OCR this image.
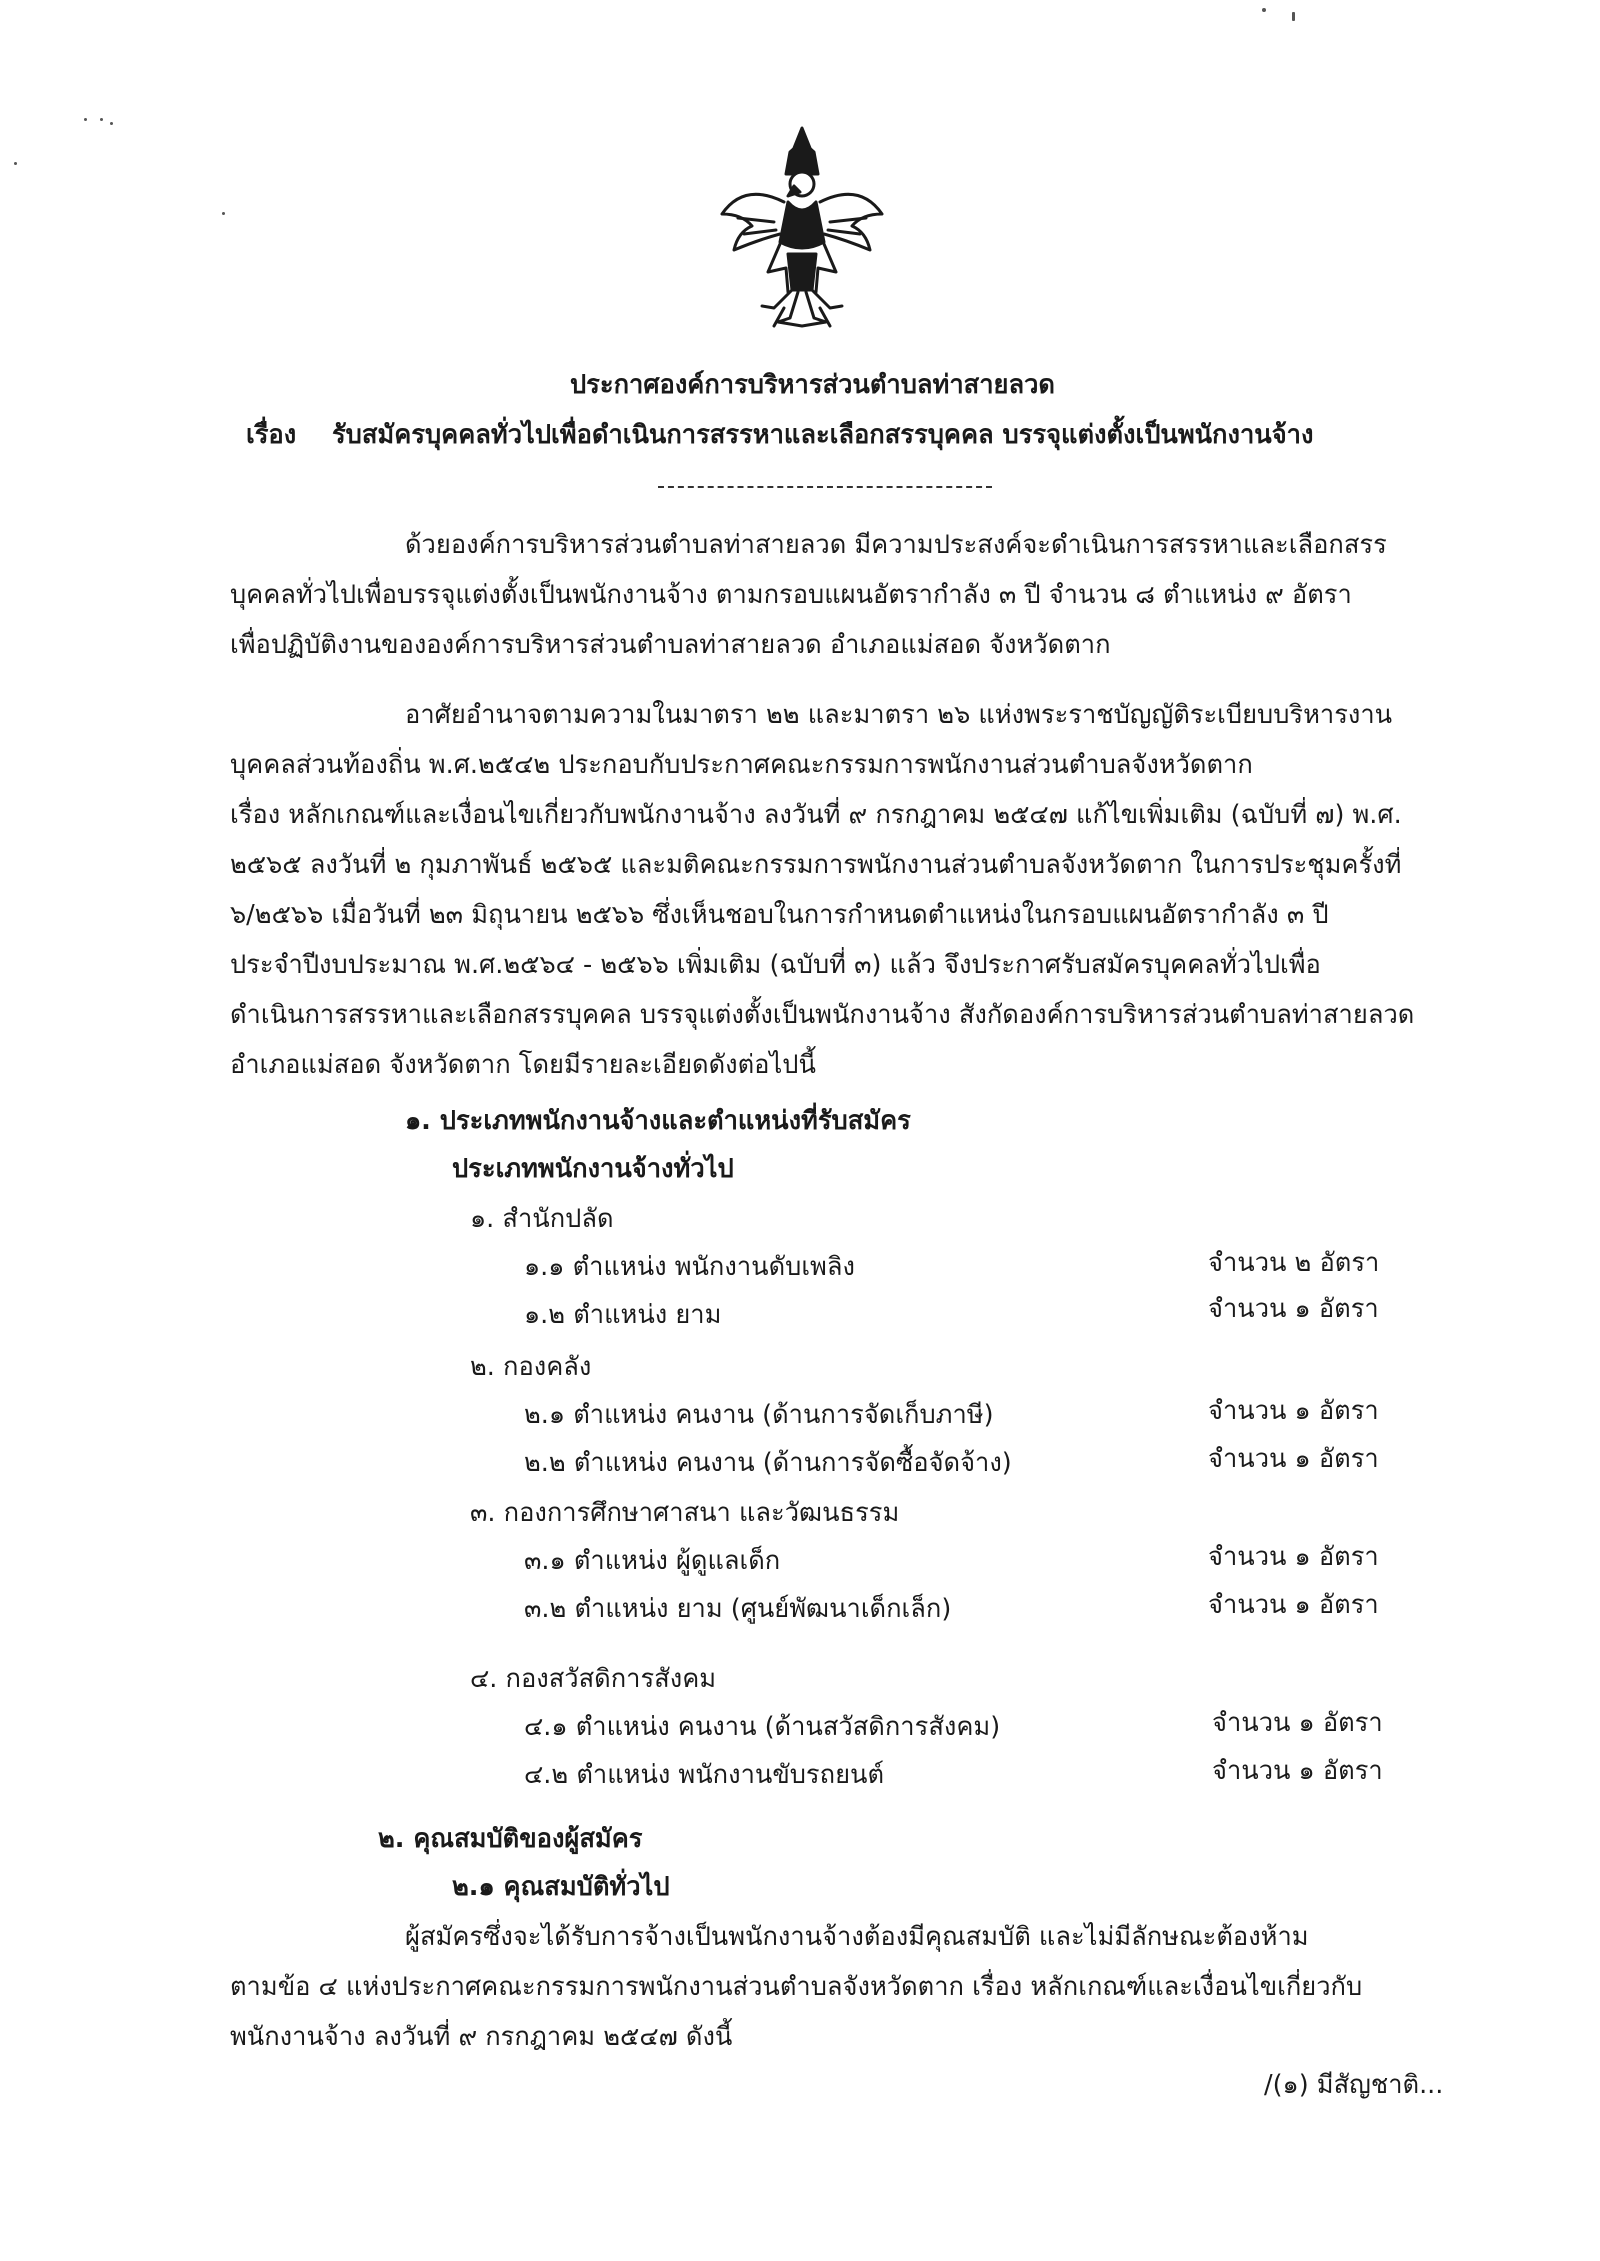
ประกาศองค์การบริหารส่วนตำบลท่าสายลวด
เรื่อง รับสมัครบุคคลทั่วไปเพื่อดำเนินการสรรหาและเลือกสรรบุคคล บรรจุแต่งตั้งเป็นพนักงานจ้าง
ด้วยองค์การบริหารส่วนตำบลท่าสายลวด มีความประสงค์จะดำเนินการสรรหาและเลือกสรร
บุคคลทั่วไปเพื่อบรรจุแต่งตั้งเป็นพนักงานจ้าง ตามกรอบแผนอัตรากำลัง ๓ ปี จำนวน ๘ ตำแหน่ง ๙ อัตรา
เพื่อปฏิบัติงานขององค์การบริหารส่วนตำบลท่าสายลวด อำเภอแม่สอด จังหวัดตาก
อาศัยอำนาจตามความในมาตรา ๒๒ และมาตรา ๒๖ แห่งพระราชบัญญัติระเบียบบริหารงาน
บุคคลส่วนท้องถิ่น พ.ศ.๒๕๔๒ ประกอบกับประกาศคณะกรรมการพนักงานส่วนตำบลจังหวัดตาก
เรื่อง หลักเกณฑ์และเงื่อนไขเกี่ยวกับพนักงานจ้าง ลงวันที่ ๙ กรกฎาคม ๒๕๔๗ แก้ไขเพิ่มเติม (ฉบับที่ ๗) พ.ศ.
๒๕๖๕ ลงวันที่ ๒ กุมภาพันธ์ ๒๕๖๕ และมติคณะกรรมการพนักงานส่วนตำบลจังหวัดตาก ในการประชุมครั้งที่
๖/๒๕๖๖ เมื่อวันที่ ๒๓ มิถุนายน ๒๕๖๖ ซึ่งเห็นชอบในการกำหนดตำแหน่งในกรอบแผนอัตรากำลัง ๓ ปี
ประจำปีงบประมาณ พ.ศ.๒๕๖๔ - ๒๕๖๖ เพิ่มเติม (ฉบับที่ ๓) แล้ว จึงประกาศรับสมัครบุคคลทั่วไปเพื่อ
ดำเนินการสรรหาและเลือกสรรบุคคล บรรจุแต่งตั้งเป็นพนักงานจ้าง สังกัดองค์การบริหารส่วนตำบลท่าสายลวด
อำเภอแม่สอด จังหวัดตาก โดยมีรายละเอียดดังต่อไปนี้
๑. ประเภทพนักงานจ้างและตำแหน่งที่รับสมัคร
ประเภทพนักงานจ้างทั่วไป
๑. สำนักปลัด
๑.๑ ตำแหน่ง พนักงานดับเพลิง	จำนวน ๒ อัตรา
๑.๒ ตำแหน่ง ยาม	จำนวน ๑ อัตรา
๒. กองคลัง
๒.๑ ตำแหน่ง คนงาน (ด้านการจัดเก็บภาษี)	จำนวน ๑ อัตรา
๒.๒ ตำแหน่ง คนงาน (ด้านการจัดซื้อจัดจ้าง)	จำนวน ๑ อัตรา
๓. กองการศึกษาศาสนา และวัฒนธรรม
๓.๑ ตำแหน่ง ผู้ดูแลเด็ก	จำนวน ๑ อัตรา
๓.๒ ตำแหน่ง ยาม (ศูนย์พัฒนาเด็กเล็ก)	จำนวน ๑ อัตรา
๔. กองสวัสดิการสังคม
๔.๑ ตำแหน่ง คนงาน (ด้านสวัสดิการสังคม)	จำนวน ๑ อัตรา
๔.๒ ตำแหน่ง พนักงานขับรถยนต์	จำนวน ๑ อัตรา
๒. คุณสมบัติของผู้สมัคร
๒.๑ คุณสมบัติทั่วไป
ผู้สมัครซึ่งจะได้รับการจ้างเป็นพนักงานจ้างต้องมีคุณสมบัติ และไม่มีลักษณะต้องห้าม
ตามข้อ ๔ แห่งประกาศคณะกรรมการพนักงานส่วนตำบลจังหวัดตาก เรื่อง หลักเกณฑ์และเงื่อนไขเกี่ยวกับ
พนักงานจ้าง ลงวันที่ ๙ กรกฎาคม ๒๕๔๗ ดังนี้
/(๑) มีสัญชาติ...
